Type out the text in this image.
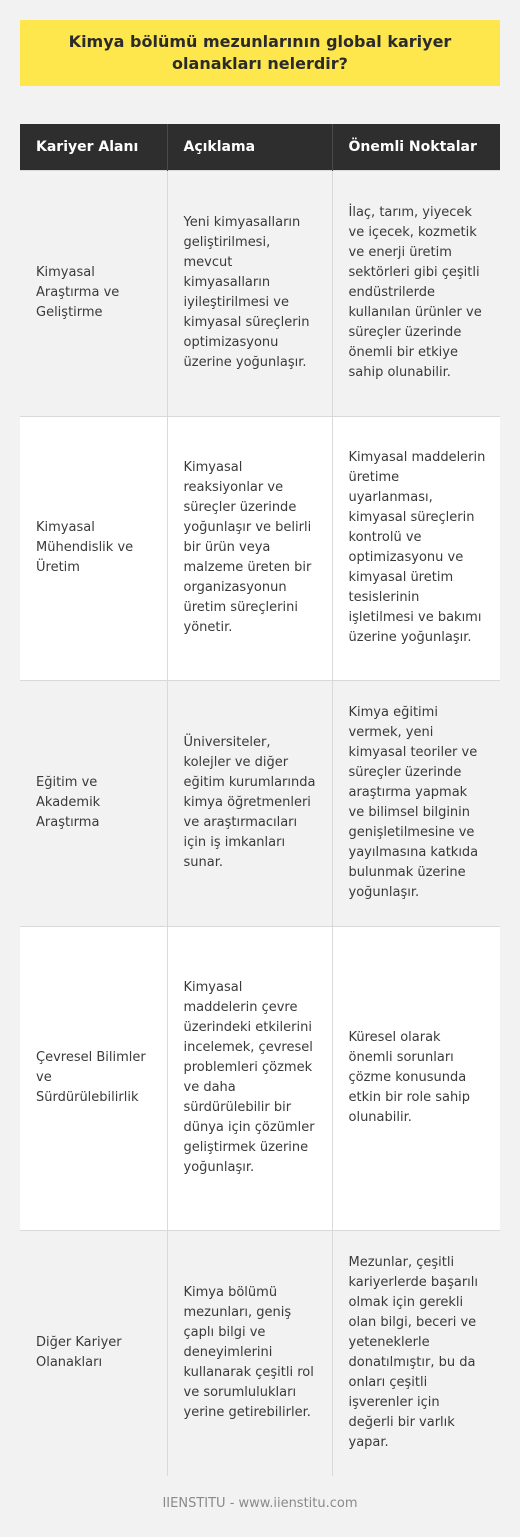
Kimya bölümü mezunlarının global kariyer olanakları nelerdir?
Kariyer Alanı	Açıklama	Önemli Noktalar
Kimyasal Araştırma ve Geliştirme	Yeni kimyasalların geliştirilmesi, mevcut kimyasalların iyileştirilmesi ve kimyasal süreçlerin optimizasyonu üzerine yoğunlaşır.	İlaç, tarım, yiyecek ve içecek, kozmetik ve enerji üretim sektörleri gibi çeşitli endüstrilerde kullanılan ürünler ve süreçler üzerinde önemli bir etkiye sahip olunabilir.
Kimyasal Mühendislik ve Üretim	Kimyasal reaksiyonlar ve süreçler üzerinde yoğunlaşır ve belirli bir ürün veya malzeme üreten bir organizasyonun üretim süreçlerini yönetir.	Kimyasal maddelerin üretime uyarlanması, kimyasal süreçlerin kontrolü ve optimizasyonu ve kimyasal üretim tesislerinin işletilmesi ve bakımı üzerine yoğunlaşır.
Eğitim ve Akademik Araştırma	Üniversiteler, kolejler ve diğer eğitim kurumlarında kimya öğretmenleri ve araştırmacıları için iş imkanları sunar.	Kimya eğitimi vermek, yeni kimyasal teoriler ve süreçler üzerinde araştırma yapmak ve bilimsel bilginin genişletilmesine ve yayılmasına katkıda bulunmak üzerine yoğunlaşır.
Çevresel Bilimler ve Sürdürülebilirlik	Kimyasal maddelerin çevre üzerindeki etkilerini incelemek, çevresel problemleri çözmek ve daha sürdürülebilir bir dünya için çözümler geliştirmek üzerine yoğunlaşır.	Küresel olarak önemli sorunları çözme konusunda etkin bir role sahip olunabilir.
Diğer Kariyer Olanakları	Kimya bölümü mezunları, geniş çaplı bilgi ve deneyimlerini kullanarak çeşitli rol ve sorumlulukları yerine getirebilirler.	Mezunlar, çeşitli kariyerlerde başarılı olmak için gerekli olan bilgi, beceri ve yeteneklerle donatılmıştır, bu da onları çeşitli işverenler için değerli bir varlık yapar.
IIENSTITU - www.iienstitu.com
